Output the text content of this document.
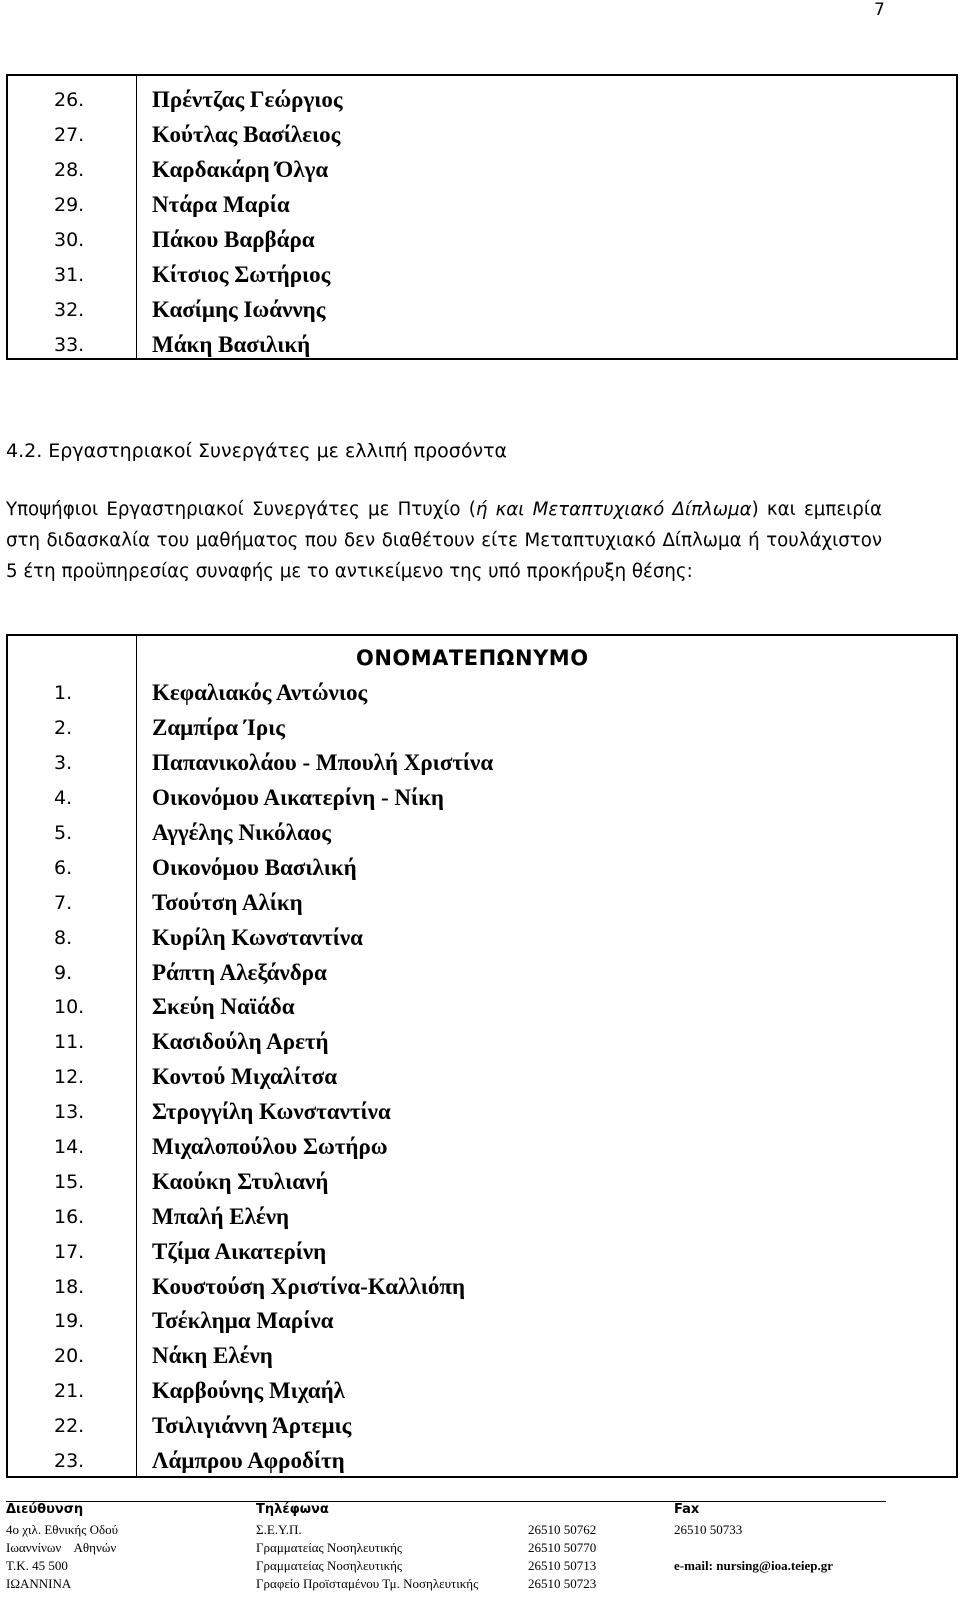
7
26.	Πρέντζας Γεώργιος
27.	Κούτλας Βασίλειος
28.	Καρδακάρη Όλγα
29.	Ντάρα Μαρία
30.	Πάκου Βαρβάρα
31.	Κίτσιος Σωτήριος
32.	Κασίμης Ιωάννης
33.	Μάκη Βασιλική
4.2. Εργαστηριακοί Συνεργάτες με ελλιπή προσόντα
Υποψήφιοι Εργαστηριακοί Συνεργάτες με Πτυχίο (ή και Μεταπτυχιακό Δίπλωμα) και εμπειρία στη διδασκαλία του μαθήματος που δεν διαθέτουν είτε Μεταπτυχιακό Δίπλωμα ή τουλάχιστον 5 έτη προϋπηρεσίας συναφής με το αντικείμενο της υπό προκήρυξη θέσης:
ΟΝΟΜΑΤΕΠΩΝΥΜΟ
1.	Κεφαλιακός Αντώνιος
2.	Ζαμπίρα Ίρις
3.	Παπανικολάου - Μπουλή Χριστίνα
4.	Οικονόμου Αικατερίνη - Νίκη
5.	Αγγέλης Νικόλαος
6.	Οικονόμου Βασιλική
7.	Τσούτση Αλίκη
8.	Κυρίλη Κωνσταντίνα
9.	Ράπτη Αλεξάνδρα
10.	Σκεύη Ναϊάδα
11.	Κασιδούλη Αρετή
12.	Κοντού Μιχαλίτσα
13.	Στρογγίλη Κωνσταντίνα
14.	Μιχαλοπούλου Σωτήρω
15.	Καούκη Στυλιανή
16.	Μπαλή Ελένη
17.	Τζίμα Αικατερίνη
18.	Κουστούση Χριστίνα-Καλλιόπη
19.	Τσέκλημα Μαρίνα
20.	Νάκη Ελένη
21.	Καρβούνης Μιχαήλ
22.	Τσιλιγιάννη Άρτεμις
23.	Λάμπρου Αφροδίτη
Διεύθυνση	Τηλέφωνα	Fax
4ο χιλ. Εθνικής Οδού	Σ.Ε.Υ.Π.	26510 50762	26510 50733
Ιωαννίνων    Αθηνών	Γραμματείας Νοσηλευτικής	26510 50770
Τ.Κ. 45 500	Γραμματείας Νοσηλευτικής	26510 50713	e-mail: nursing@ioa.teiep.gr
ΙΩΑΝΝΙΝΑ	Γραφείο Προϊσταμένου Τμ. Νοσηλευτικής	26510 50723
